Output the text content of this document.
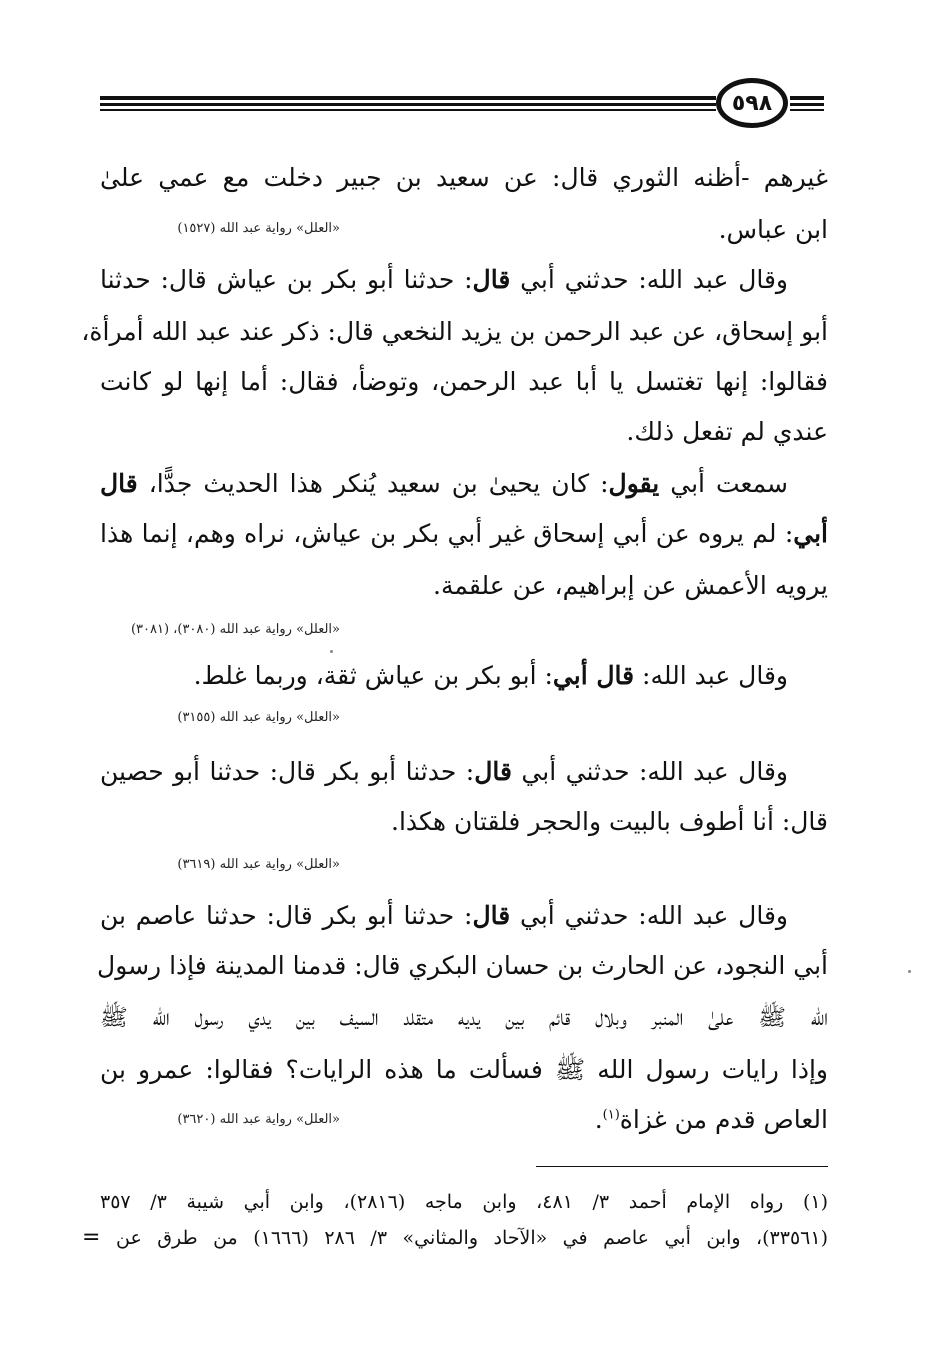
٥٩٨
غيرهم -أظنه الثوري قال: عن سعيد بن جبير دخلت مع عمي علىٰ
ابن عباس.
«العلل» رواية عبد الله (١٥٢٧)
وقال عبد الله: حدثني أبي قال: حدثنا أبو بكر بن عياش قال: حدثنا
أبو إسحاق، عن عبد الرحمن بن يزيد النخعي قال: ذكر عند عبد الله أمرأة،
فقالوا: إنها تغتسل يا أبا عبد الرحمن، وتوضأ، فقال: أما إنها لو كانت
عندي لم تفعل ذلك.
سمعت أبي يقول: كان يحيىٰ بن سعيد يُنكر هذا الحديث جدًّا، قال
أبي: لم يروه عن أبي إسحاق غير أبي بكر بن عياش، نراه وهم، إنما هذا
يرويه الأعمش عن إبراهيم، عن علقمة.
«العلل» رواية عبد الله (٣٠٨٠)، (٣٠٨١)
وقال عبد الله: قال أبي: أبو بكر بن عياش ثقة، وربما غلط.
«العلل» رواية عبد الله (٣١٥٥)
وقال عبد الله: حدثني أبي قال: حدثنا أبو بكر قال: حدثنا أبو حصين
قال: أنا أطوف بالبيت والحجر فلقتان هكذا.
«العلل» رواية عبد الله (٣٦١٩)
وقال عبد الله: حدثني أبي قال: حدثنا أبو بكر قال: حدثنا عاصم بن
أبي النجود، عن الحارث بن حسان البكري قال: قدمنا المدينة فإذا رسول
الله ﷺ علىٰ المنبر وبلال قائم بين يديه متقلد السيف بين يدي رسول الله ﷺ
وإذا رايات رسول الله ﷺ فسألت ما هذه الرايات؟ فقالوا: عمرو بن
العاص قدم من غزاة$^{(١)}$.
«العلل» رواية عبد الله (٣٦٢٠)
(١) رواه الإمام أحمد ٣/ ٤٨١، وابن ماجه (٢٨١٦)، وابن أبي شيبة ٣/ ٣٥٧
(٣٣٥٦١)، وابن أبي عاصم في «الآحاد والمثاني» ٣/ ٢٨٦ (١٦٦٦) من طرق عن
=
